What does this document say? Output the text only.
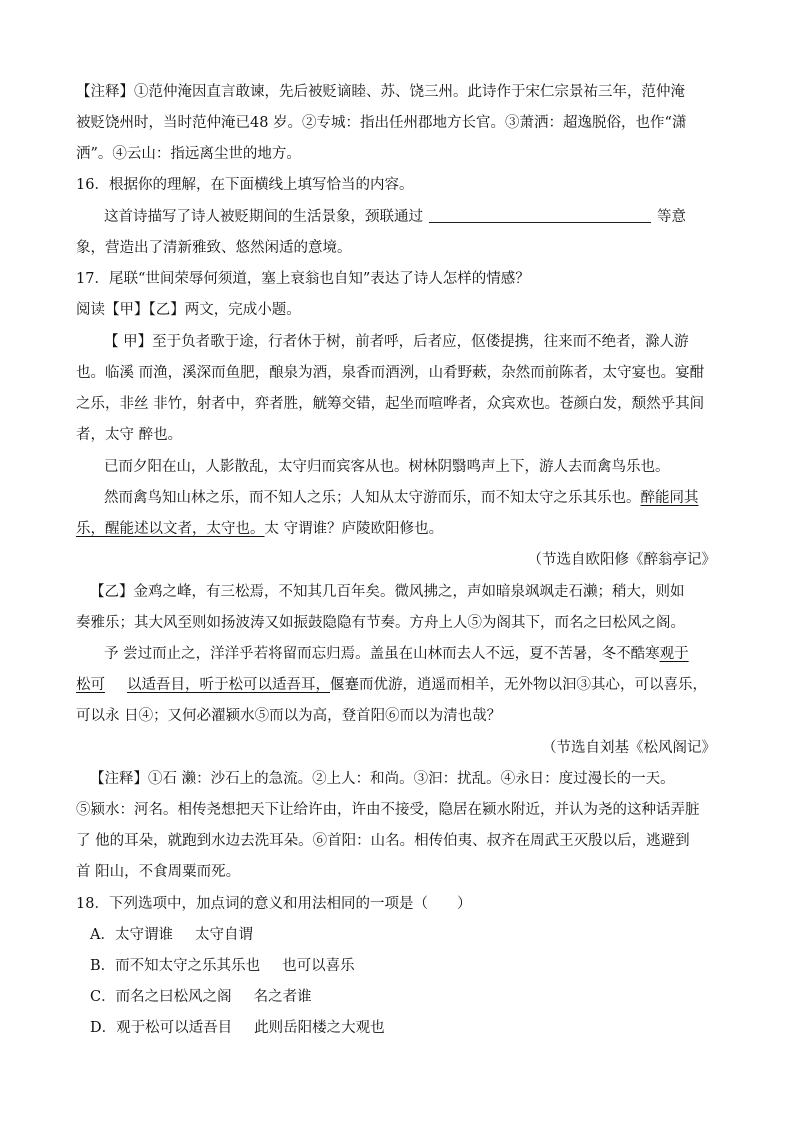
【注释】①范仲淹因直言敢谏，先后被贬谪睦、苏、饶三州。此诗作于宋仁宗景祐三年，范仲淹
被贬饶州时，当时范仲淹已48 岁。②专城：指出任州郡地方长官。③萧洒：超逸脱俗，也作“潇
洒”。④云山：指远离尘世的地方。
16．根据你的理解，在下面横线上填写恰当的内容。
这首诗描写了诗人被贬期间的生活景象，颈联通过	等意
象，营造出了清新雅致、悠然闲适的意境。
17．尾联“世间荣辱何须道，塞上衰翁也自知”表达了诗人怎样的情感？
阅读【甲】【乙】两文，完成小题。
【 甲】至于负者歌于途，行者休于树，前者呼，后者应，伛偻提携，往来而不绝者，滁人游
也。临溪 而渔，溪深而鱼肥，酿泉为酒，泉香而酒洌，山肴野蔌，杂然而前陈者，太守宴也。宴酣
之乐，非丝 非竹，射者中，弈者胜，觥筹交错，起坐而喧哗者，众宾欢也。苍颜白发，颓然乎其间
者，太守 醉也。
已而夕阳在山，人影散乱，太守归而宾客从也。树林阴翳鸣声上下，游人去而禽鸟乐也。
然而禽鸟知山林之乐，而不知人之乐；人知从太守游而乐，而不知太守之乐其乐也。醉能同其
乐，醒能述以文者，太守也。太 守谓谁？庐陵欧阳修也。
（节选自欧阳修《醉翁亭记》
【乙】金鸡之峰，有三松焉，不知其几百年矣。微风拂之，声如暗泉飒飒走石濑；稍大，则如
奏雅乐；其大风至则如扬波涛又如振鼓隐隐有节奏。方舟上人⑤为阁其下，而名之曰松风之阁。
予 尝过而止之，洋洋乎若将留而忘归焉。盖虽在山林而去人不远，夏不苦暑，冬不酷寒观于
松可 以适吾目，听于松可以适吾耳，偃蹇而优游，逍遥而相羊，无外物以汩③其心，可以喜乐，
可以永 日④；又何必濯颍水⑤而以为高，登首阳⑥而以为清也哉？
（节选自刘基《松风阁记》
【注释】①石 濑：沙石上的急流。②上人：和尚。③汩：扰乱。④永日：度过漫长的一天。
⑤颍水：河名。相传尧想把天下让给许由，许由不接受，隐居在颍水附近，并认为尧的这种话弄脏
了 他的耳朵，就跑到水边去洗耳朵。⑥首阳：山名。相传伯夷、叔齐在周武王灭殷以后，逃避到
首 阳山，不食周粟而死。
18．下列选项中，加点词的意义和用法相同的一项是（　　）
A．太守谓谁 太守自谓
B．而不知太守之乐其乐也 也可以喜乐
C．而名之曰松风之阁 名之者谁
D．观于松可以适吾目 此则岳阳楼之大观也
